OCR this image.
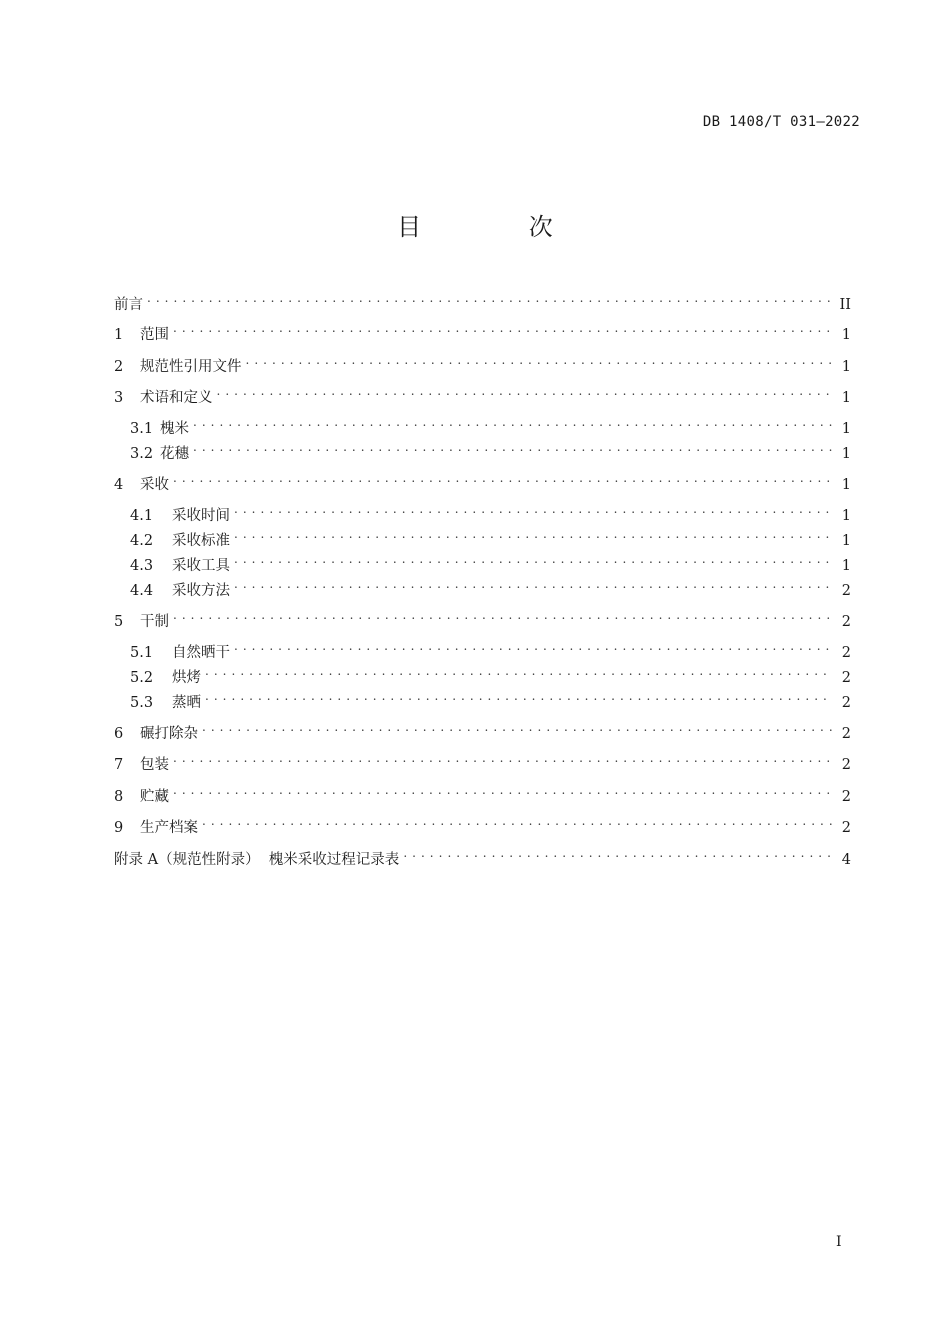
DB 1408/T 031—2022
目 次
前言 . . .	II
1	范围 . . .	1
2	规范性引用文件 . . .	1
3	术语和定义 . . .	1
3.1 槐米 . . .	1
3.2 花穗 . . .	1
4	采收 . . .	1
4.1	采收时间 . . .	1
4.2	采收标准 . . .	1
4.3	采收工具 . . .	1
4.4	采收方法 . . .	2
5	干制 . . .	2
5.1	自然晒干 . . .	2
5.2	烘烤 . . .	2
5.3	蒸晒 . . .	2
6	碾打除杂 . . .	2
7	包装 . . .	2
8	贮藏 . . .	2
9	生产档案 . . .	2
附录 A（规范性附录）  槐米采收过程记录表 . . .	4
I
